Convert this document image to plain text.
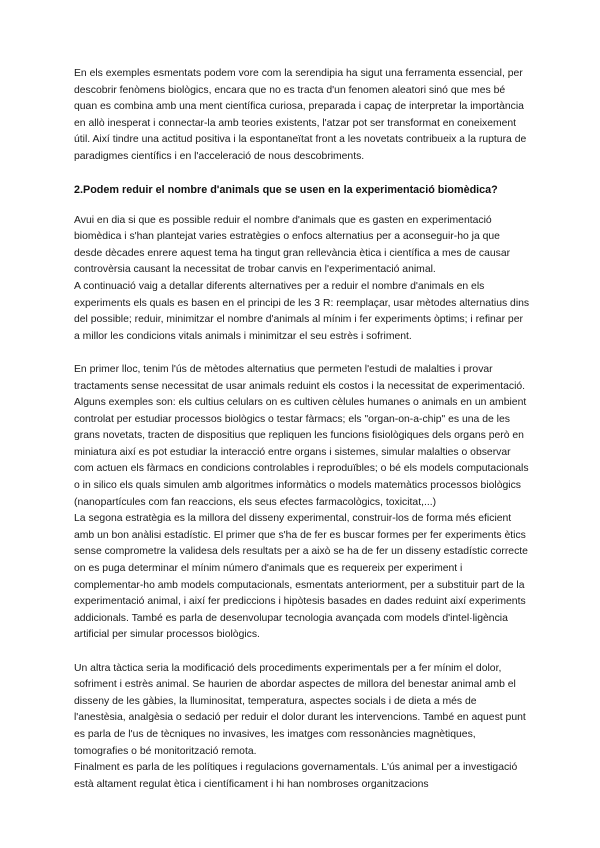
En els exemples esmentats podem vore com la serendipia ha sigut una ferramenta essencial, per descobrir fenòmens biològics, encara que no es tracta d'un fenomen aleatori sinó que mes bé quan es combina amb una ment científica curiosa, preparada i capaç de interpretar la importància en allò inesperat i connectar-la amb teories existents, l'atzar pot ser transformat en coneixement útil. Així tindre una actitud positiva i la espontaneïtat front a les novetats contribueix a la ruptura de paradigmes científics i en l'acceleració de nous descobriments.

2.Podem reduir el nombre d'animals que se usen en la experimentació biomèdica?

Avui en dia si que es possible reduir el nombre d'animals que es gasten en experimentació biomèdica i s'han plantejat varies estratègies o enfocs alternatius per a aconseguir-ho ja que desde dècades enrere aquest tema ha tingut gran rellevància ètica i científica a mes de causar controvèrsia causant la necessitat de trobar canvis en l'experimentació animal.

A continuació vaig a detallar diferents alternatives per a reduir el nombre d'animals en els experiments els quals es basen en el principi de les 3 R: reemplaçar, usar mètodes alternatius dins del possible; reduir, minimitzar el nombre d'animals al mínim i fer experiments òptims; i refinar per a millor les condicions vitals animals i minimitzar el seu estrès i sofriment.

En primer lloc, tenim l'ús de mètodes alternatius que permeten l'estudi de malalties i provar tractaments sense necessitat de usar animals reduint els costos i la necessitat de experimentació. Alguns exemples son: els cultius celulars on es cultiven cèlules humanes o animals en un ambient controlat per estudiar processos biològics o testar fàrmacs; els "organ-on-a-chip" es una de les grans novetats, tracten de dispositius que repliquen les funcions fisiològiques dels organs però en miniatura així es pot estudiar la interacció entre organs i sistemes, simular malalties o observar com actuen els fàrmacs en condicions controlables i reproduïbles; o bé els models computacionals o in silico els quals simulen amb algoritmes informàtics o models matemàtics processos biològics (nanopartícules com fan reaccions, els seus efectes farmacològics, toxicitat,...)

La segona estratègia es la millora del disseny experimental, construir-los de forma més eficient amb un bon anàlisi estadístic. El primer que s'ha de fer es buscar formes per fer experiments ètics sense comprometre la validesa dels resultats per a això se ha de fer un disseny estadístic correcte on es puga determinar el mínim número d'animals que es requereix per experiment i complementar-ho amb models computacionals, esmentats anteriorment, per a substituir part de la experimentació animal, i així fer prediccions i hipòtesis basades en dades reduint així experiments addicionals. També es parla de desenvolupar tecnologia avançada com models d'intel·ligència artificial per simular processos biològics.

Un altra tàctica seria la modificació dels procediments experimentals per a fer mínim el dolor, sofriment i estrès animal. Se haurien de abordar aspectes de millora del benestar animal amb el disseny de les gàbies, la lluminositat, temperatura, aspectes socials i de dieta a més de l'anestèsia, analgèsia o sedació per reduir el dolor durant les intervencions. També en aquest punt es parla de l'us de tècniques no invasives, les imatges com ressonàncies magnètiques, tomografies o bé monitorització remota.

Finalment es parla de les polítiques i regulacions governamentals. L'ús animal per a investigació està altament regulat ètica i científicament i hi han nombroses organitzacions
